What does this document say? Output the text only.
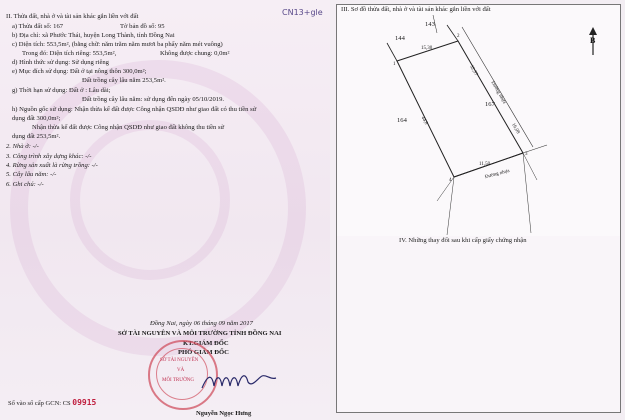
II. Thửa đất, nhà ở và tài sản khác gắn liền với đất
a) Thửa đất số: 167	Tờ bản đồ số: 95
b) Địa chỉ: xã Phước Thái, huyện Long Thành, tỉnh Đồng Nai
c) Diện tích: 553,5m², (bằng chữ: năm trăm năm mươi ba phẩy năm mét vuông)
Trong đó: Diện tích riêng: 553,5m²,	Không được chung: 0,0m²
d) Hình thức sử dụng: Sử dụng riêng
e) Mục đích sử dụng: Đất ở tại nông thôn 300,0m²;
Đất trồng cây lâu năm 253,5m².
g) Thời hạn sử dụng: Đất ở : Lâu dài;
Đất trồng cây lâu năm: sử dụng đến ngày 05/10/2019.
h) Nguồn gốc sử dụng: Nhận thừa kế đất được Công nhận QSDĐ như giao đất có thu tiền sử
dụng đất 300,0m²;
Nhận thừa kế đất được Công nhận QSDĐ như giao đất không thu tiền sử
dụng đất 253,5m².
2. Nhà ở: -/-
3. Công trình xây dựng khác: -/-
4. Rừng sản xuất là rừng trồng: -/-
5. Cây lâu năm: -/-
6. Ghi chú: -/-
Đồng Nai, ngày 06 tháng 09 năm 2017
SỞ TÀI NGUYÊN VÀ MÔI TRƯỜNG TỈNH ĐỒNG NAI
KT.GIÁM ĐỐC
PHÓ GIÁM ĐỐC
SỞ TÀI NGUYÊN
VÀ
MÔI TRƯỜNG
Nguyễn Ngọc Hưng
Số vào sổ cấp GCN: CS 09915
CN13+gle	III. Sơ đồ thửa đất, nhà ở và tài sản khác gắn liền với đất
B
144
143
167
164
15,30
32,57
16,08
44,8
11,50
Đường nhựa
Đường nhựa
1
2
3
4
IV. Những thay đổi sau khi cấp giấy chứng nhận
